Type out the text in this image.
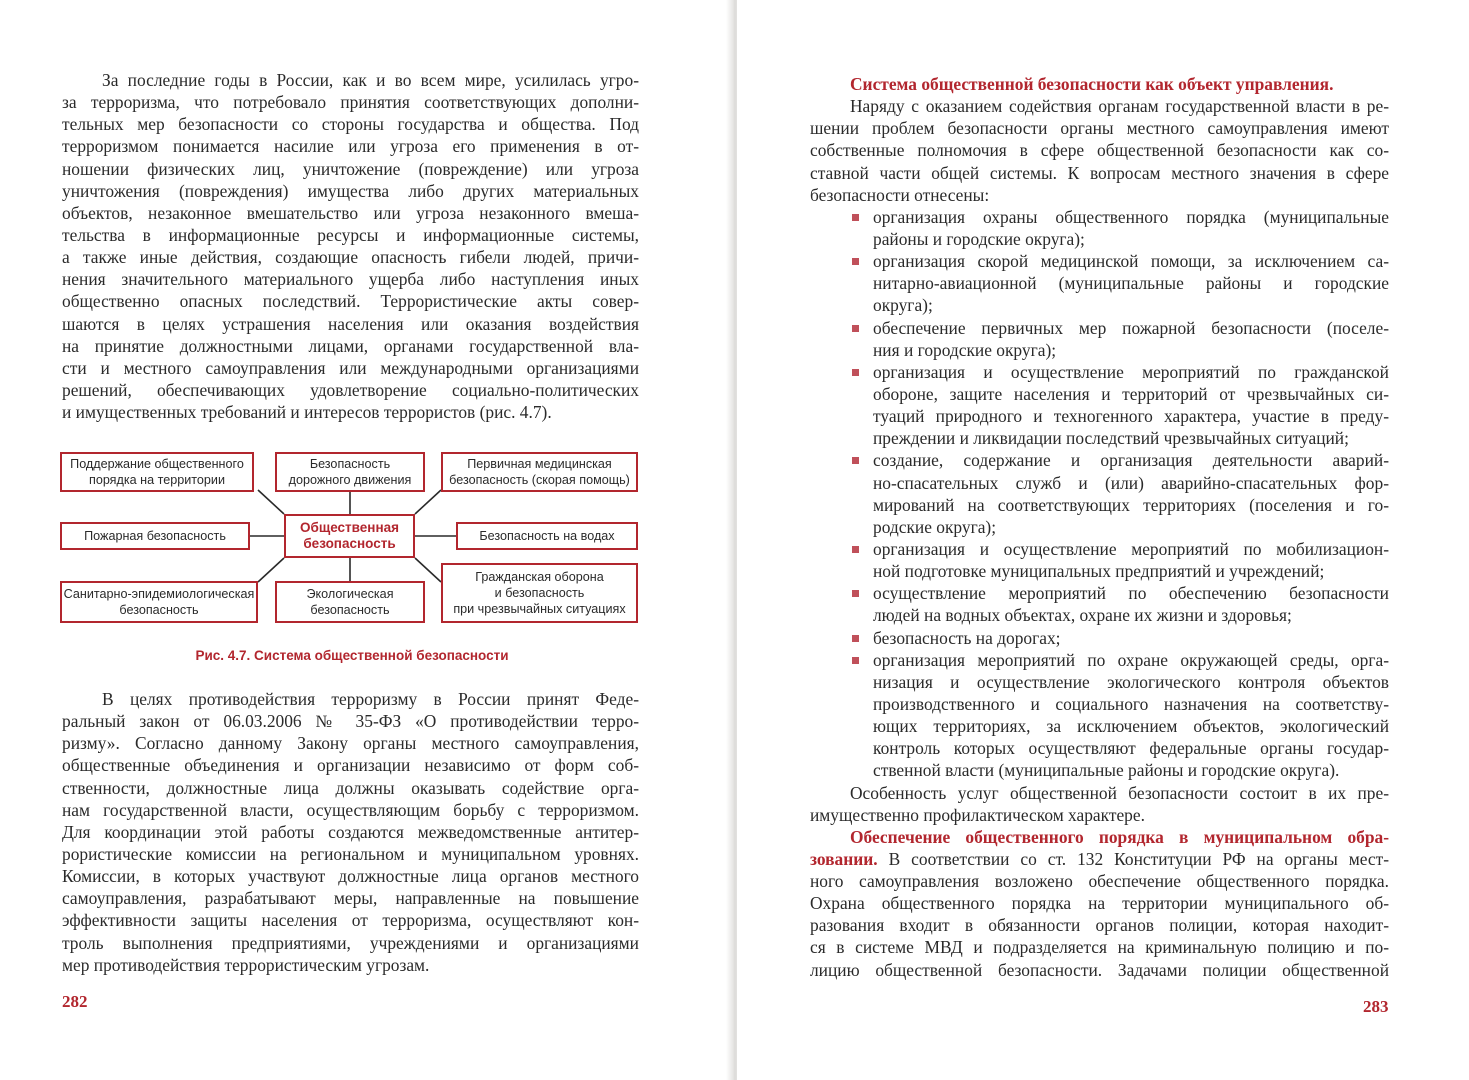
За последние годы в России, как и во всем мире, усилилась угро-
за терроризма, что потребовало принятия соответствующих дополни-
тельных мер безопасности со стороны государства и общества. Под
терроризмом понимается насилие или угроза его применения в от-
ношении физических лиц, уничтожение (повреждение) или угроза
уничтожения (повреждения) имущества либо других материальных
объектов, незаконное вмешательство или угроза незаконного вмеша-
тельства в информационные ресурсы и информационные системы,
а также иные действия, создающие опасность гибели людей, причи-
нения значительного материального ущерба либо наступления иных
общественно опасных последствий. Террористические акты совер-
шаются в целях устрашения населения или оказания воздействия
на принятие должностными лицами, органами государственной вла-
сти и местного самоуправления или международными организациями
решений, обеспечивающих удовлетворение социально-политических
и имущественных требований и интересов террористов (рис. 4.7).
Поддержание общественного
порядка на территории
Безопасность
дорожного движения
Первичная медицинская
безопасность (скорая помощь)
Пожарная безопасность
Общественная
безопасность	Безопасность на водах
Санитарно-эпидемиологическая
безопасность
Экологическая
безопасность
Гражданская оборона
и безопасность
при чрезвычайных ситуациях
Рис. 4.7. Система общественной безопасности
В целях противодействия терроризму в России принят Феде-
ральный закон от 06.03.2006 № 35-ФЗ «О противодействии терро-
ризму». Согласно данному Закону органы местного самоуправления,
общественные объединения и организации независимо от форм соб-
ственности, должностные лица должны оказывать содействие орга-
нам государственной власти, осуществляющим борьбу с терроризмом.
Для координации этой работы создаются межведомственные антитер-
рористические комиссии на региональном и муниципальном уровнях.
Комиссии, в которых участвуют должностные лица органов местного
самоуправления, разрабатывают меры, направленные на повышение
эффективности защиты населения от терроризма, осуществляют кон-
троль выполнения предприятиями, учреждениями и организациями
мер противодействия террористическим угрозам.
282
Система общественной безопасности как объект управления.
Наряду с оказанием содействия органам государственной власти в ре-
шении проблем безопасности органы местного самоуправления имеют
собственные полномочия в сфере общественной безопасности как со-
ставной части общей системы. К вопросам местного значения в сфере
безопасности отнесены:
организация охраны общественного порядка (муниципальные
районы и городские округа);
организация скорой медицинской помощи, за исключением са-
нитарно-авиационной (муниципальные районы и городские
округа);
обеспечение первичных мер пожарной безопасности (поселе-
ния и городские округа);
организация и осуществление мероприятий по гражданской
обороне, защите населения и территорий от чрезвычайных си-
туаций природного и техногенного характера, участие в преду-
преждении и ликвидации последствий чрезвычайных ситуаций;
создание, содержание и организация деятельности аварий-
но-спасательных служб и (или) аварийно-спасательных фор-
мирований на соответствующих территориях (поселения и го-
родские округа);
организация и осуществление мероприятий по мобилизацион-
ной подготовке муниципальных предприятий и учреждений;
осуществление мероприятий по обеспечению безопасности
людей на водных объектах, охране их жизни и здоровья;
безопасность на дорогах;
организация мероприятий по охране окружающей среды, орга-
низация и осуществление экологического контроля объектов
производственного и социального назначения на соответству-
ющих территориях, за исключением объектов, экологический
контроль которых осуществляют федеральные органы государ-
ственной власти (муниципальные районы и городские округа).
Особенность услуг общественной безопасности состоит в их пре-
имущественно профилактическом характере.
Обеспечение общественного порядка в муниципальном обра-
зовании. В соответствии со ст. 132 Конституции РФ на органы мест-
ного самоуправления возложено обеспечение общественного порядка.
Охрана общественного порядка на территории муниципального об-
разования входит в обязанности органов полиции, которая находит-
ся в системе МВД и подразделяется на криминальную полицию и по-
лицию общественной безопасности. Задачами полиции общественной
283
